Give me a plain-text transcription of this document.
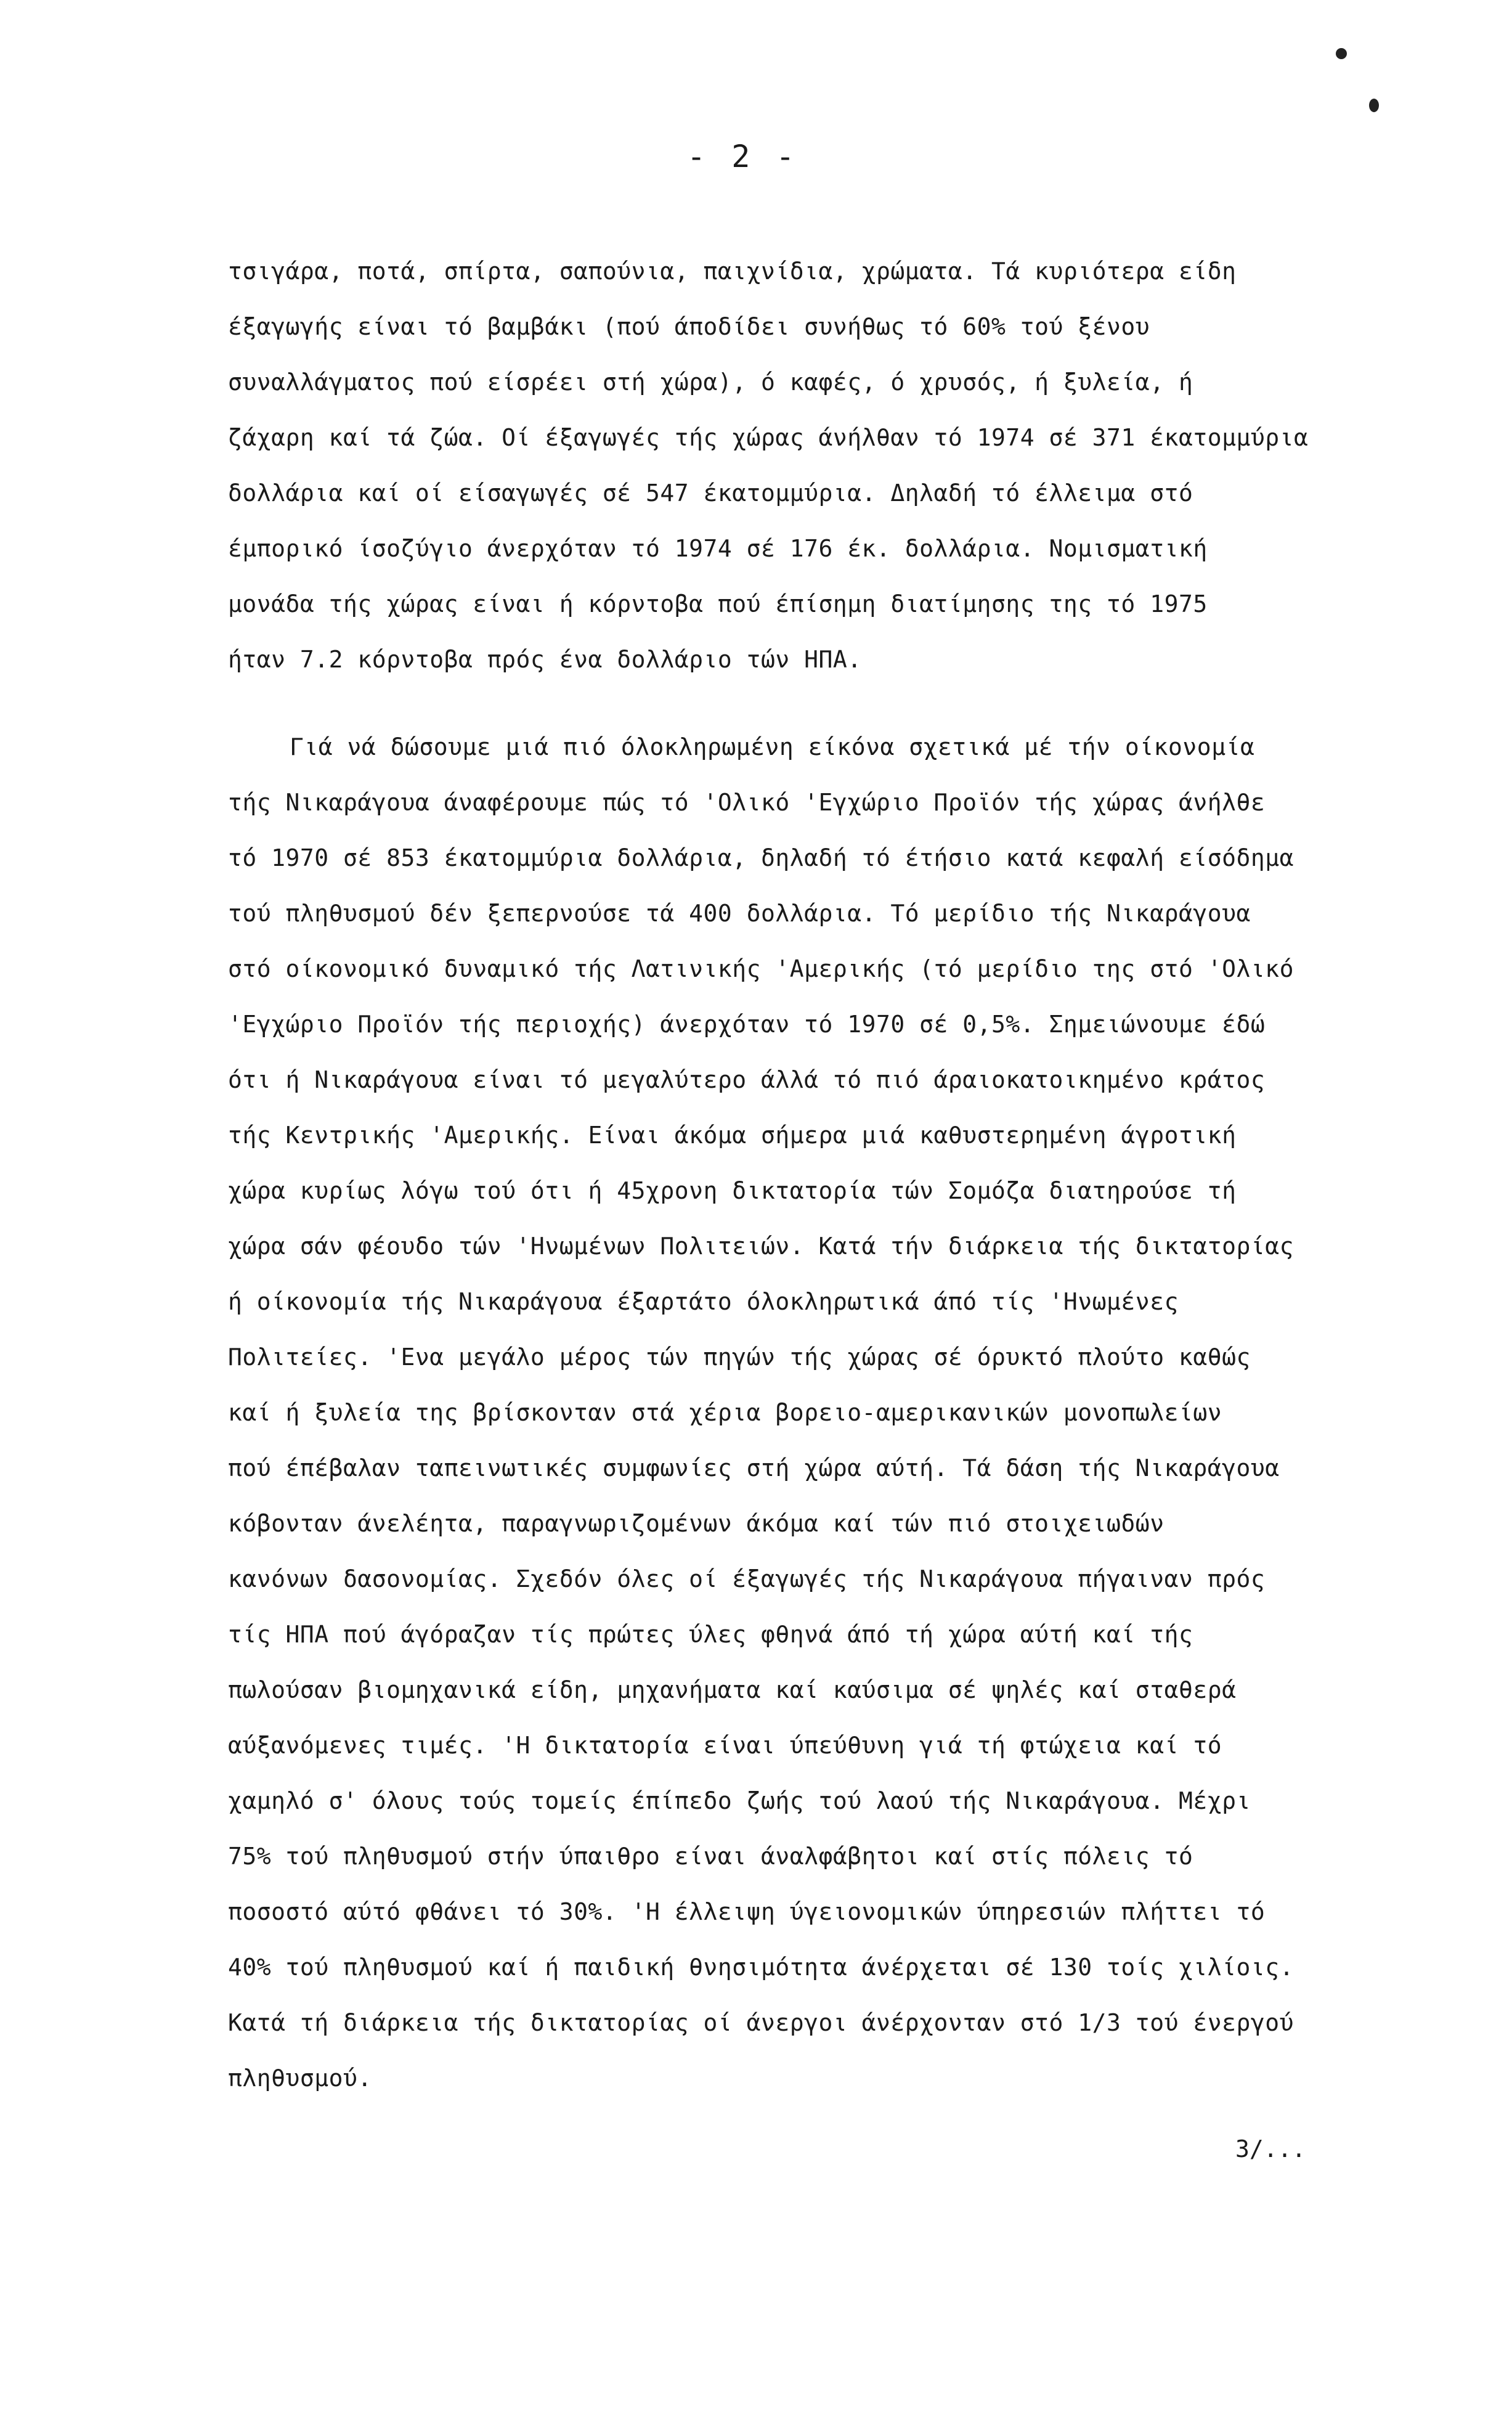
- 2 -
τσιγάρα, ποτά, σπίρτα, σαπούνια, παιχνίδια, χρώματα. Τά κυριότερα είδη
έξαγωγής είναι τό βαμβάκι (πού άποδίδει συνήθως τό 60% τού ξένου
συναλλάγματος πού είσρέει στή χώρα), ό καφές, ό χρυσός, ή ξυλεία, ή
ζάχαρη καί τά ζώα. Οί έξαγωγές τής χώρας άνήλθαν τό 1974 σέ 371 έκατομμύρια
δολλάρια καί οί είσαγωγές σέ 547 έκατομμύρια. Δηλαδή τό έλλειμα στό
έμπορικό ίσοζύγιο άνερχόταν τό 1974 σέ 176 έκ. δολλάρια. Νομισματική
μονάδα τής χώρας είναι ή κόρντοβα πού έπίσημη διατίμησης της τό 1975
ήταν 7.2 κόρντοβα πρός ένα δολλάριο τών ΗΠΑ.
Γιά νά δώσουμε μιά πιό όλοκληρωμένη είκόνα σχετικά μέ τήν οίκονομία
τής Νικαράγουα άναφέρουμε πώς τό 'Ολικό 'Εγχώριο Προϊόν τής χώρας άνήλθε
τό 1970 σέ 853 έκατομμύρια δολλάρια, δηλαδή τό έτήσιο κατά κεφαλή είσόδημα
τού πληθυσμού δέν ξεπερνούσε τά 400 δολλάρια. Τό μερίδιο τής Νικαράγουα
στό οίκονομικό δυναμικό τής Λατινικής 'Αμερικής (τό μερίδιο της στό 'Ολικό
'Εγχώριο Προϊόν τής περιοχής) άνερχόταν τό 1970 σέ 0,5%. Σημειώνουμε έδώ
ότι ή Νικαράγουα είναι τό μεγαλύτερο άλλά τό πιό άραιοκατοικημένο κράτος
τής Κεντρικής 'Αμερικής. Είναι άκόμα σήμερα μιά καθυστερημένη άγροτική
χώρα κυρίως λόγω τού ότι ή 45χρονη δικτατορία τών Σομόζα διατηρούσε τή
χώρα σάν φέουδο τών 'Ηνωμένων Πολιτειών. Κατά τήν διάρκεια τής δικτατορίας
ή οίκονομία τής Νικαράγουα έξαρτάτο όλοκληρωτικά άπό τίς 'Ηνωμένες
Πολιτείες. 'Ενα μεγάλο μέρος τών πηγών τής χώρας σέ όρυκτό πλούτο καθώς
καί ή ξυλεία της βρίσκονταν στά χέρια βορειο-αμερικανικών μονοπωλείων
πού έπέβαλαν ταπεινωτικές συμφωνίες στή χώρα αύτή. Τά δάση τής Νικαράγουα
κόβονταν άνελέητα, παραγνωριζομένων άκόμα καί τών πιό στοιχειωδών
κανόνων δασονομίας. Σχεδόν όλες οί έξαγωγές τής Νικαράγουα πήγαιναν πρός
τίς ΗΠΑ πού άγόραζαν τίς πρώτες ύλες φθηνά άπό τή χώρα αύτή καί τής
πωλούσαν βιομηχανικά είδη, μηχανήματα καί καύσιμα σέ ψηλές καί σταθερά
αύξανόμενες τιμές. 'Η δικτατορία είναι ύπεύθυνη γιά τή φτώχεια καί τό
χαμηλό σ' όλους τούς τομείς έπίπεδο ζωής τού λαού τής Νικαράγουα. Μέχρι
75% τού πληθυσμού στήν ύπαιθρο είναι άναλφάβητοι καί στίς πόλεις τό
ποσοστό αύτό φθάνει τό 30%. 'Η έλλειψη ύγειονομικών ύπηρεσιών πλήττει τό
40% τού πληθυσμού καί ή παιδική θνησιμότητα άνέρχεται σέ 130 τοίς χιλίοις.
Κατά τή διάρκεια τής δικτατορίας οί άνεργοι άνέρχονταν στό 1/3 τού ένεργού
πληθυσμού.
3/...
